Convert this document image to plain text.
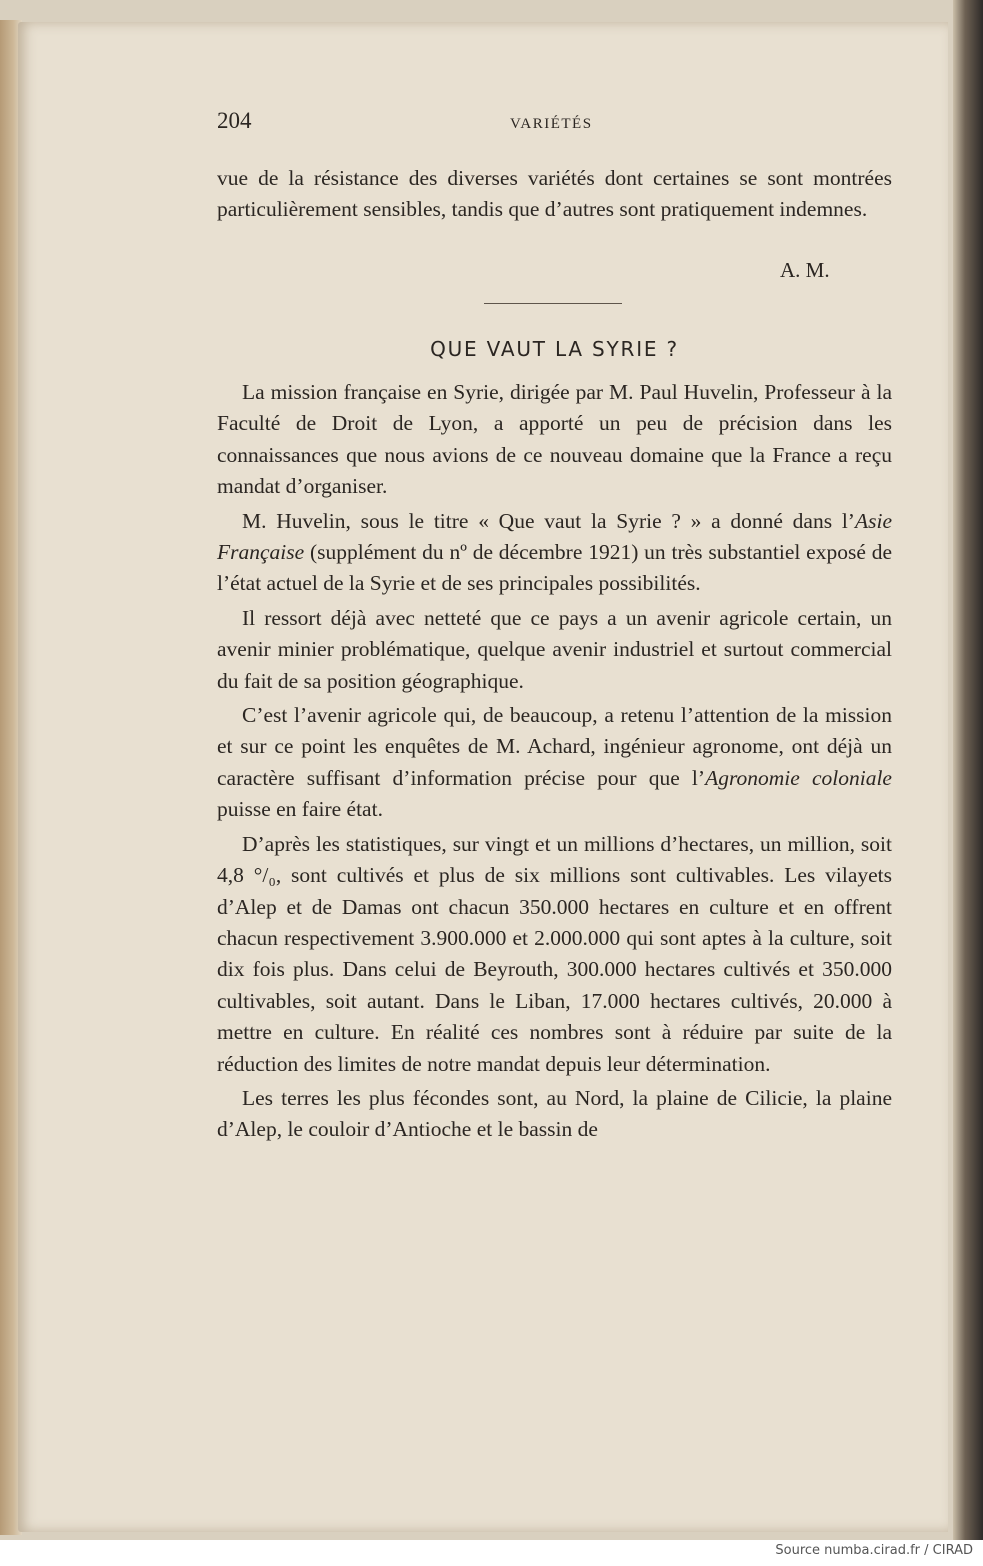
204	VARIÉTÉS
vue de la résistance des diverses variétés dont certaines se sont montrées particulièrement sensibles, tandis que d’autres sont pratiquement indemnes.
A. M.
QUE VAUT LA SYRIE ?

La mission française en Syrie, dirigée par M. Paul Huvelin, Professeur à la Faculté de Droit de Lyon, a apporté un peu de précision dans les connaissances que nous avions de ce nouveau domaine que la France a reçu mandat d’organiser.

M. Huvelin, sous le titre « Que vaut la Syrie ? » a donné dans l’Asie Française (supplément du nº de décembre 1921) un très substantiel exposé de l’état actuel de la Syrie et de ses principales possibilités.

Il ressort déjà avec netteté que ce pays a un avenir agricole certain, un avenir minier problématique, quelque avenir industriel et surtout commercial du fait de sa position géographique.

C’est l’avenir agricole qui, de beaucoup, a retenu l’attention de la mission et sur ce point les enquêtes de M. Achard, ingénieur agronome, ont déjà un caractère suffisant d’information précise pour que l’Agronomie coloniale puisse en faire état.

D’après les statistiques, sur vingt et un millions d’hectares, un million, soit 4,8 °/₀, sont cultivés et plus de six millions sont cultivables. Les vilayets d’Alep et de Damas ont chacun 350.000 hectares en culture et en offrent chacun respectivement 3.900.000 et 2.000.000 qui sont aptes à la culture, soit dix fois plus. Dans celui de Beyrouth, 300.000 hectares cultivés et 350.000 cultivables, soit autant. Dans le Liban, 17.000 hectares cultivés, 20.000 à mettre en culture. En réalité ces nombres sont à réduire par suite de la réduction des limites de notre mandat depuis leur détermination.

Les terres les plus fécondes sont, au Nord, la plaine de Cilicie, la plaine d’Alep, le couloir d’Antioche et le bassin de

Source numba.cirad.fr / CIRAD
